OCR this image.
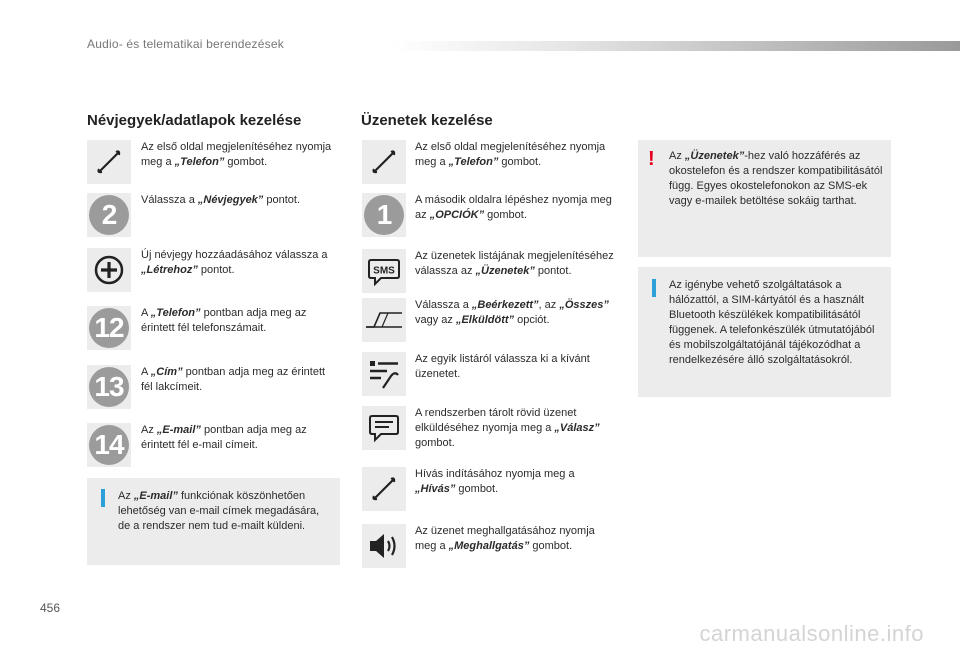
Audio- és telematikai berendezések
Névjegyek/adatlapok kezelése	Üzenetek kezelése
Az első oldal megjelenítéséhez nyomja meg a „Telefon” gombot.
2 Válassza a „Névjegyek” pontot.
Új névjegy hozzáadásához válassza a „Létrehoz” pontot.
12 A „Telefon” pontban adja meg az érintett fél telefonszámait.
13 A „Cím” pontban adja meg az érintett fél lakcímeit.
14 Az „E-mail” pontban adja meg az érintett fél e-mail címeit.
Az „E-mail” funkciónak köszönhetően lehetőség van e-mail címek megadására, de a rendszer nem tud e-mailt küldeni.
Az első oldal megjelenítéséhez nyomja meg a „Telefon” gombot.
1 A második oldalra lépéshez nyomja meg az „OPCIÓK” gombot.
SMS
Az üzenetek listájának megjelenítéséhez válassza az „Üzenetek” pontot.
Válassza a „Beérkezett”, az „Összes” vagy az „Elküldött” opciót.
Az egyik listáról válassza ki a kívánt üzenetet.
A rendszerben tárolt rövid üzenet elküldéséhez nyomja meg a „Válasz” gombot.
Hívás indításához nyomja meg a „Hívás” gombot.
Az üzenet meghallgatásához nyomja meg a „Meghallgatás” gombot.
! Az „Üzenetek”-hez való hozzáférés az okostelefon és a rendszer kompatibilitásától függ. Egyes okostelefonokon az SMS-ek vagy e-mailek betöltése sokáig tarthat.
Az igénybe vehető szolgáltatások a hálózattól, a SIM-kártyától és a használt Bluetooth készülékek kompatibilitásától függenek. A telefonkészülék útmutatójából és mobilszolgáltatójánál tájékozódhat a rendelkezésére álló szolgáltatásokról.
456
carmanualsonline.info
